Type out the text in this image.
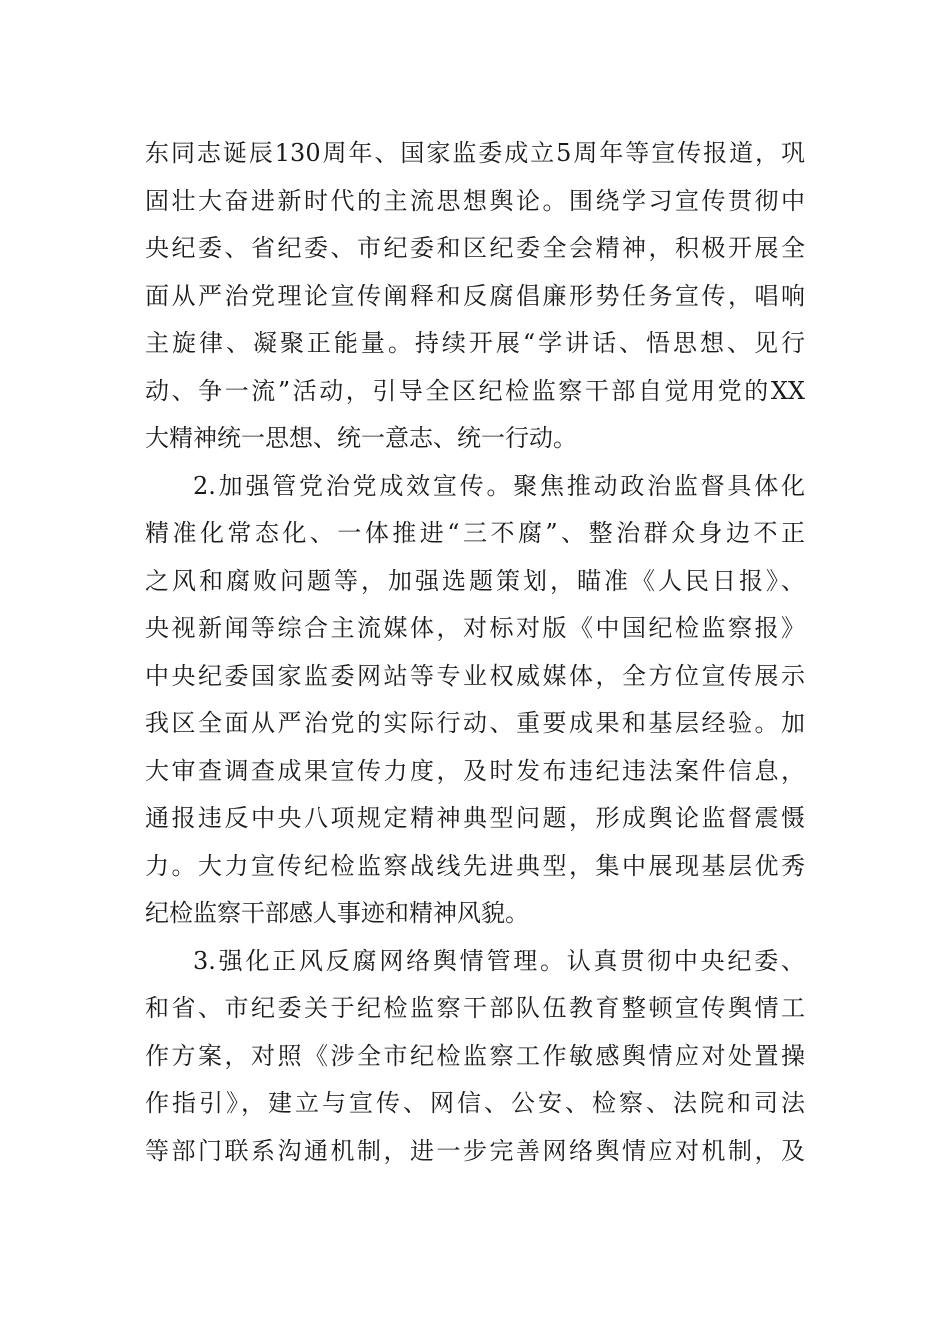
东同志诞辰130周年、国家监委成立5周年等宣传报道，巩
固壮大奋进新时代的主流思想舆论。围绕学习宣传贯彻中
央纪委、省纪委、市纪委和区纪委全会精神，积极开展全
面从严治党理论宣传阐释和反腐倡廉形势任务宣传，唱响
主旋律、凝聚正能量。持续开展“学讲话、悟思想、见行
动、争一流”活动，引导全区纪检监察干部自觉用党的XX
大精神统一思想、统一意志、统一行动。
2.加强管党治党成效宣传。聚焦推动政治监督具体化
精准化常态化、一体推进“三不腐”、整治群众身边不正
之风和腐败问题等，加强选题策划，瞄准《人民日报》、
央视新闻等综合主流媒体，对标对版《中国纪检监察报》
中央纪委国家监委网站等专业权威媒体，全方位宣传展示
我区全面从严治党的实际行动、重要成果和基层经验。加
大审查调查成果宣传力度，及时发布违纪违法案件信息，
通报违反中央八项规定精神典型问题，形成舆论监督震慑
力。大力宣传纪检监察战线先进典型，集中展现基层优秀
纪检监察干部感人事迹和精神风貌。
3.强化正风反腐网络舆情管理。认真贯彻中央纪委、
和省、市纪委关于纪检监察干部队伍教育整顿宣传舆情工
作方案，对照《涉全市纪检监察工作敏感舆情应对处置操
作指引》，建立与宣传、网信、公安、检察、法院和司法
等部门联系沟通机制，进一步完善网络舆情应对机制，及
